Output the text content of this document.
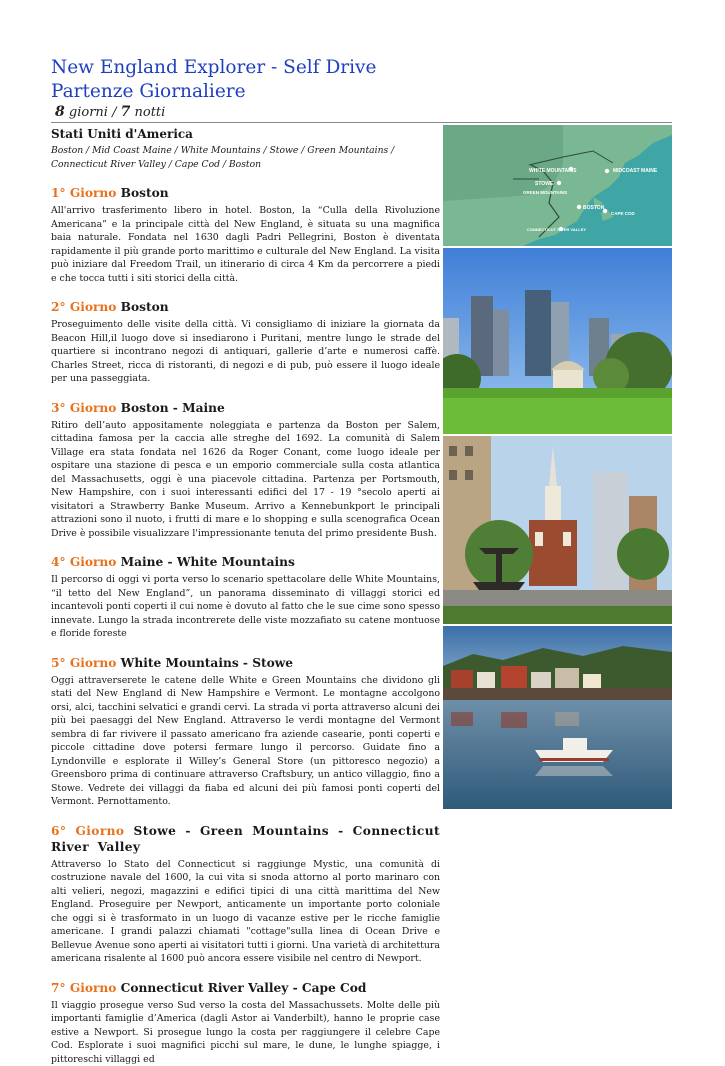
New England Explorer - Self Drive
Partenze Giornaliere
8 giorni / 7 notti

Stati Uniti d'America

Boston / Mid Coast Maine / White Mountains / Stowe / Green Mountains / Connecticut River Valley / Cape Cod / Boston

1° Giorno Boston

All'arrivo trasferimento libero in hotel. Boston, la “Culla della Rivoluzione Americana” e la principale città del New England, è situata su una magnifica baia naturale. Fondata nel 1630 dagli Padri Pellegrini, Boston è diventata rapidamente il più grande porto marittimo e culturale del New England. La visita può iniziare dal Freedom Trail, un itinerario di circa 4 Km da percorrere a piedi e che tocca tutti i siti storici della città.

2° Giorno Boston

Proseguimento delle visite della città. Vi consigliamo di iniziare la giornata da Beacon Hill,il luogo dove si insediarono i Puritani, mentre lungo le strade del quartiere si incontrano negozi di antiquari, gallerie d’arte e numerosi caffè. Charles Street, ricca di ristoranti, di negozi e di pub, può essere il luogo ideale per una passeggiata.

3° Giorno Boston - Maine

Ritiro dell’auto appositamente noleggiata e partenza da Boston per Salem, cittadina famosa per la caccia alle streghe del 1692. La comunità di Salem Village era stata fondata nel 1626 da Roger Conant, come luogo ideale per ospitare una stazione di pesca e un emporio commerciale sulla costa atlantica del Massachusetts, oggi è una piacevole cittadina. Partenza per Portsmouth, New Hampshire, con i suoi interessanti edifici del 17 - 19 °secolo aperti ai visitatori a Strawberry Banke Museum. Arrivo a Kennebunkport le principali attrazioni sono il nuoto, i frutti di mare e lo shopping e sulla scenografica Ocean Drive è possibile visualizzare l'impressionante tenuta del primo presidente Bush.

4° Giorno Maine - White Mountains

Il percorso di oggi vi porta verso lo scenario spettacolare delle White Mountains, “il tetto del New England”, un panorama disseminato di villaggi storici ed incantevoli ponti coperti il cui nome è dovuto al fatto che le sue cime sono spesso innevate. Lungo la strada incontrerete delle viste mozzafiato su catene montuose e floride foreste

5° Giorno White Mountains - Stowe

Oggi attraverserete le catene delle White e Green Mountains che dividono gli stati del New England di New Hampshire e Vermont. Le montagne accolgono orsi, alci, tacchini selvatici e grandi cervi. La strada vi porta attraverso alcuni dei più bei paesaggi del New England. Attraverso le verdi montagne del Vermont sembra di far rivivere il passato americano fra aziende casearie, ponti coperti e piccole cittadine dove potersi fermare lungo il percorso. Guidate fino a Lyndonville e esplorate il Willey’s General Store (un pittoresco negozio) a Greensboro prima di continuare attraverso Craftsbury, un antico villaggio, fino a Stowe. Vedrete dei villaggi da fiaba ed alcuni dei più famosi ponti coperti del Vermont. Pernottamento.

6° Giorno Stowe - Green Mountains - Connecticut River Valley

Attraverso lo Stato del Connecticut si raggiunge Mystic, una comunità di costruzione navale del 1600, la cui vita si snoda attorno al porto marinaro con alti velieri, negozi, magazzini e edifici tipici di una città marittima del New England. Proseguire per Newport, anticamente un importante porto coloniale che oggi si è trasformato in un luogo di vacanze estive per le ricche famiglie americane. I grandi palazzi chiamati "cottage"sulla linea di Ocean Drive e Bellevue Avenue sono aperti ai visitatori tutti i giorni. Una varietà di architettura americana risalente al 1600 può ancora essere visibile nel centro di Newport.

7° Giorno Connecticut River Valley - Cape Cod

Il viaggio prosegue verso Sud verso la costa del Massachussets. Molte delle più importanti famiglie d’America (dagli Astor ai Vanderbilt), hanno le proprie case estive a Newport. Si prosegue lungo la costa per raggiungere il celebre Cape Cod. Esplorate i suoi magnifici picchi sul mare, le dune, le lunghe spiagge, i pittoreschi villaggi ed

WHITE MOUNTAINS	MIDCOAST MAINE
STOWE
GREEN MOUNTAINS
BOSTON
CAPE COD
CONNECTICUT RIVER VALLEY
